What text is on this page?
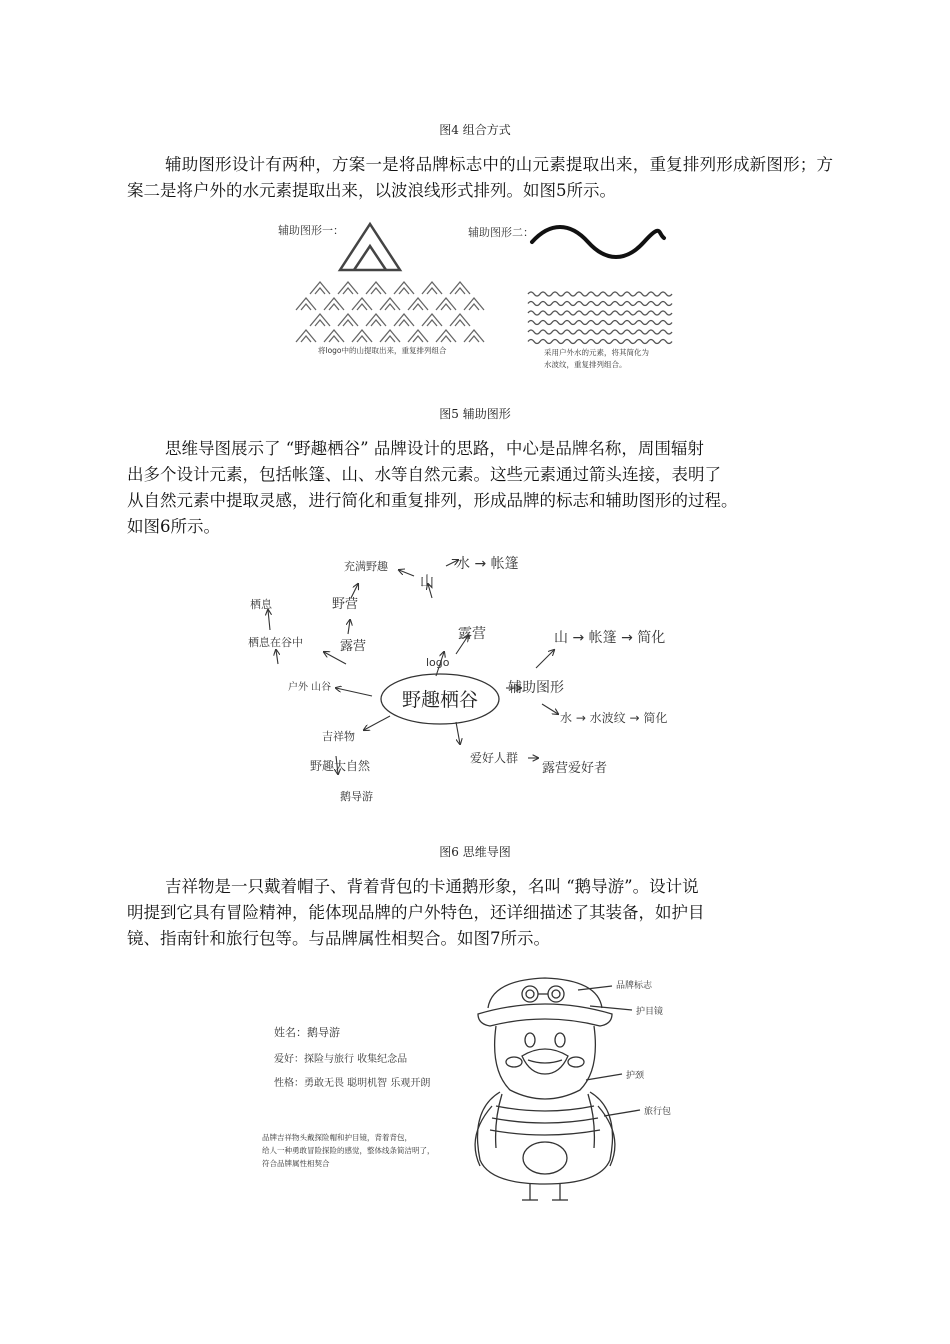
图4 组合方式

辅助图形设计有两种，方案一是将品牌标志中的山元素提取出来，重复排列形成新图形；方案二是将户外的水元素提取出来，以波浪线形式排列。如图5所示。

辅助图形一：	辅助图形二：
将logo中的山提取出来，重复排列组合	采用户外水的元素，将其简化为
水波纹，重复排列组合。
图5 辅助图形

思维导图展示了 “野趣栖谷” 品牌设计的思路，中心是品牌名称，周围辐射

出多个设计元素，包括帐篷、山、水等自然元素。这些元素通过箭头连接，表明了

从自然元素中提取灵感，进行简化和重复排列，形成品牌的标志和辅助图形的过程。

如图6所示。

野趣栖谷
logo
露营
山
水 → 帐篷
充满野趣
野营
露营
栖息
栖息在谷中
辅助图形
山 → 帐篷 → 简化
水 → 水波纹 → 简化
户外 山谷
吉祥物
野趣大自然
鹅导游
爱好人群
露营爱好者
图6 思维导图

吉祥物是一只戴着帽子、背着背包的卡通鹅形象，名叫 “鹅导游”。设计说

明提到它具有冒险精神，能体现品牌的户外特色，还详细描述了其装备，如护目

镜、指南针和旅行包等。与品牌属性相契合。如图7所示。

姓名：鹅导游
爱好：探险与旅行 收集纪念品
性格：勇敢无畏 聪明机智 乐观开朗
品牌吉祥物头戴探险帽和护目镜，背着背包，
给人一种勇敢冒险探险的感觉，整体线条简洁明了，
符合品牌属性相契合
品牌标志
护目镜
护颈
旅行包
